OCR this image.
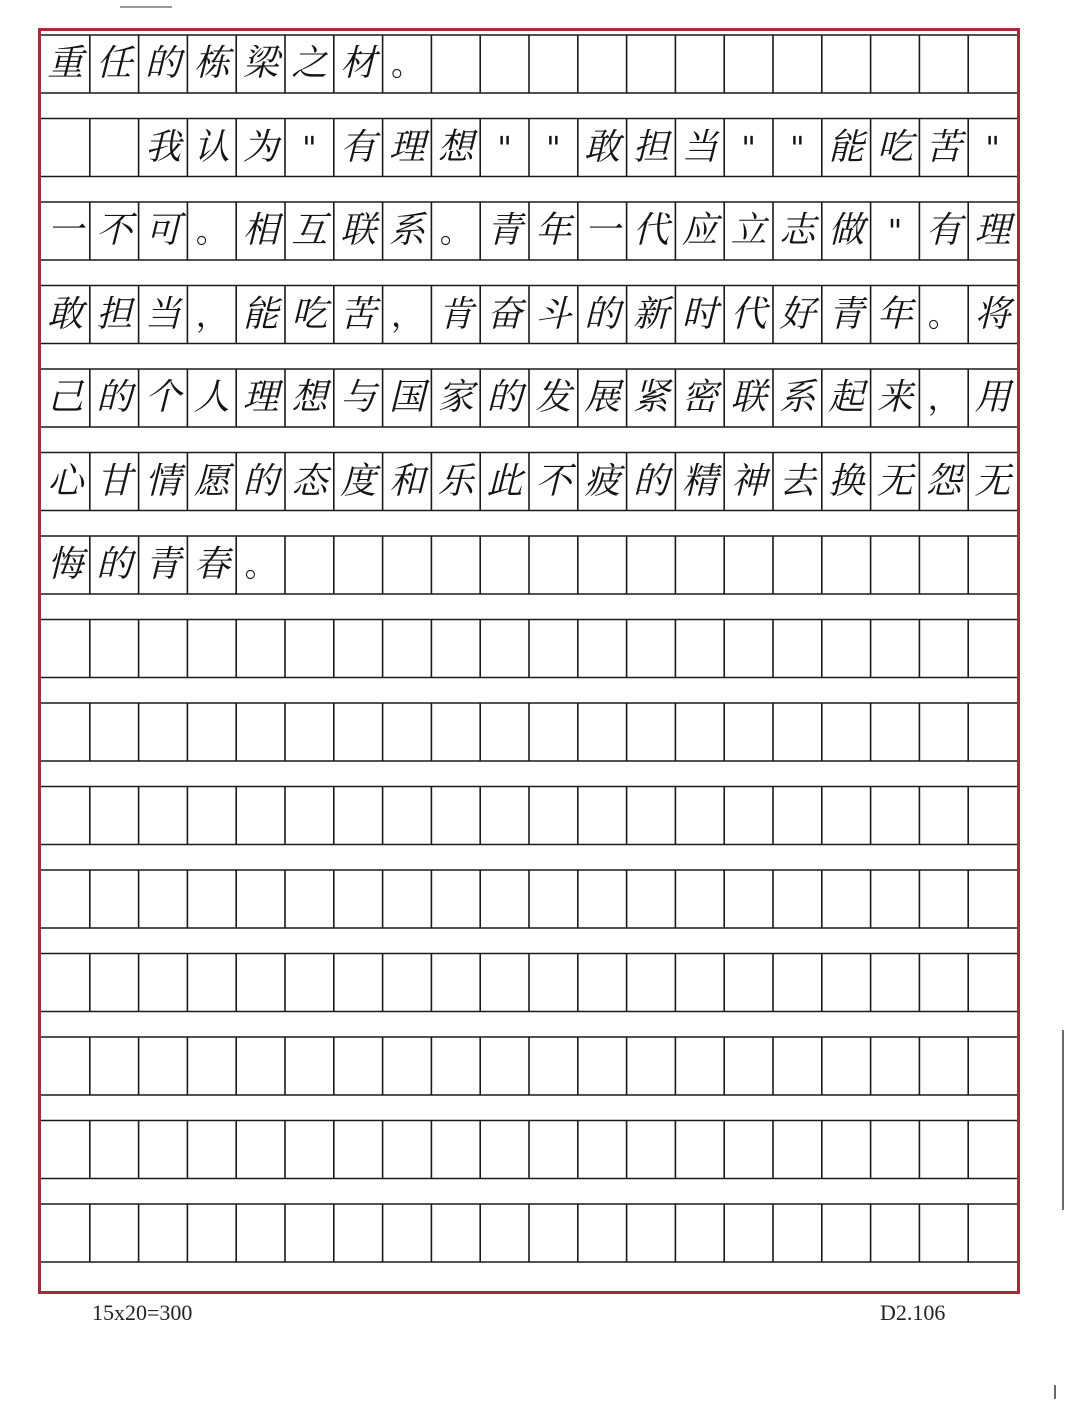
重 任 的 栋 梁 之 材 。
我 认 为 " 有 理 想 "	" 敢 担 当 "	" 能 吃 苦 "
一 不 可 。 相 互 联 系 。 青 年 一 代 应 立 志 做 " 有 理
敢 担 当 ， 能 吃 苦 ， 肯 奋 斗 的 新 时 代 好 青 年 。 将
己 的 个 人 理 想 与 国 家 的 发 展 紧 密 联 系 起 来 ， 用
心 甘 情 愿 的 态 度 和 乐 此 不 疲 的 精 神 去 换 无 怨 无
悔 的 青 春 。
15x20=300	D2.106
